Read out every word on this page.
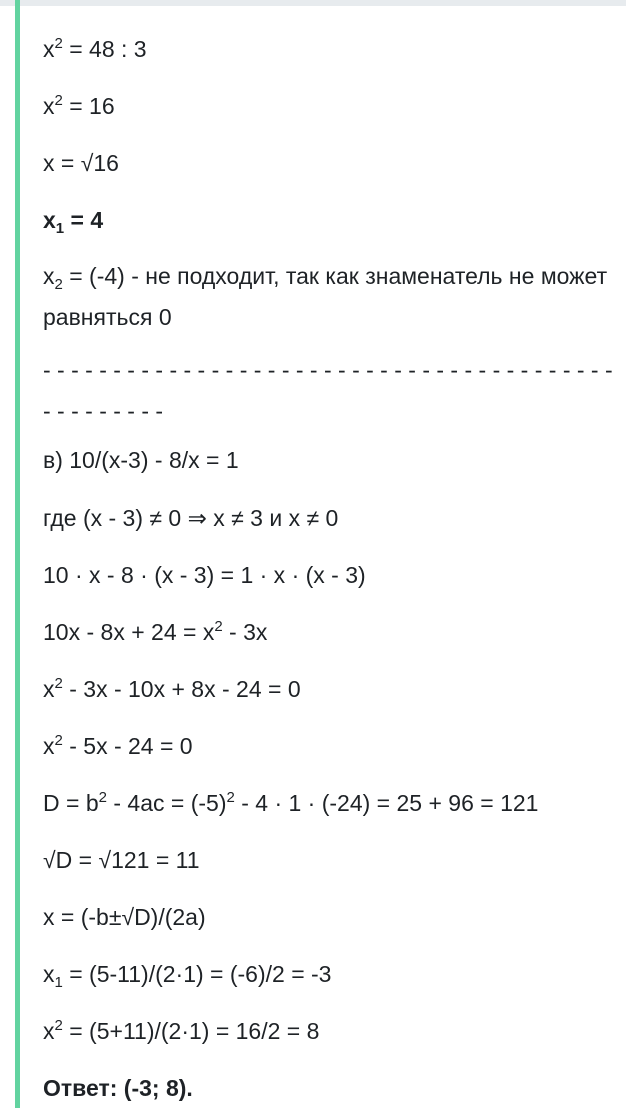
$x^2 = 48$ : 3
$x^2 = 16$
x = √16
$x_1 = 4$
$x_2 = (-4)$ - не подходит, так как знаменатель не может равняться 0
- - - - - - - - - - - - - - - - - - - - - - - - - - - - - - - - - - - - - - - - - - - - - - - - - -
в) 10/(x-3) - 8/x = 1
где (x - 3) ≠ 0 ⇒ x ≠ 3 и x ≠ 0
10 · x - 8 · (x - 3) = 1 · x · (x - 3)
$10x - 8x + 24 = x^2 - 3x$
$x^2 - 3x - 10x + 8x - 24 = 0$
$x^2 - 5x - 24 = 0$
$D = b^2 - 4ac = (-5)^2 - 4 \cdot 1 \cdot (-24) = 25 + 96 = 121$
√D = √121 = 11
x = (-b±√D)/(2a)
$x_1 = (5-11)/(2\cdot 1) = (-6)/2 = -3$
$x^2 = (5+11)/(2\cdot 1) = 16/2 = 8$
Ответ: (-3; 8).
